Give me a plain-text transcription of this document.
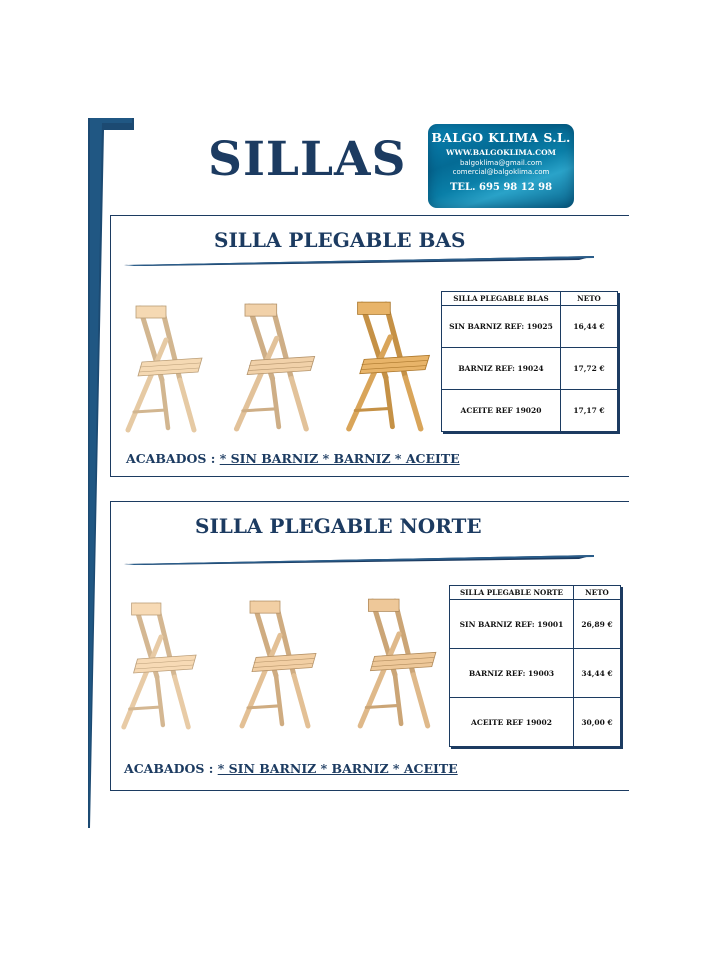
SILLAS BALGO KLIMA S.L.
WWW.BALGOKLIMA.COM
balgoklima@gmail.com
comercial@balgoklima.com
TEL. 695 98 12 98
SILLA PLEGABLE BAS
SILLA PLEGABLE BLAS	NETO
SIN BARNIZ REF: 19025	16,44 €
BARNIZ REF: 19024	17,72 €
ACEITE REF 19020	17,17 €
ACABADOS : * SIN BARNIZ * BARNIZ * ACEITE
SILLA PLEGABLE NORTE
SILLA PLEGABLE NORTE	NETO
SIN BARNIZ REF: 19001	26,89 €
BARNIZ REF: 19003	34,44 €
ACEITE REF 19002	30,00 €
ACABADOS : * SIN BARNIZ * BARNIZ * ACEITE
